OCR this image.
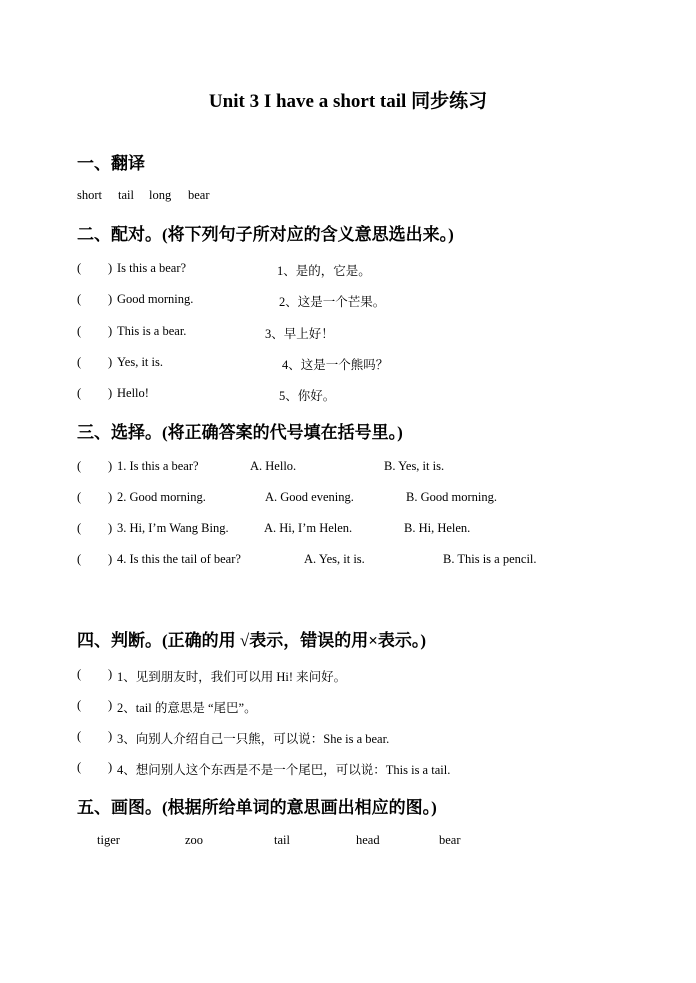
Unit 3 I have a short tail 同步练习
一、翻译
short tail long bear
二、配对。(将下列句子所对应的含义意思选出来。)
( ) Is this a bear?	1、是的，它是。
( ) Good morning.	2、这是一个芒果。
( ) This is a bear.	3、早上好！
( ) Yes, it is.	4、这是一个熊吗？
( ) Hello!	5、你好。
三、选择。(将正确答案的代号填在括号里。)
( ) 1. Is this a bear?	A. Hello.	B. Yes, it is.
( ) 2. Good morning.	A. Good evening.	B. Good morning.
( ) 3. Hi, I’m Wang Bing.	A. Hi, I’m Helen.	B. Hi, Helen.
( ) 4. Is this the tail of bear?	A. Yes, it is.	B. This is a pencil.
四、判断。(正确的用 √表示，错误的用×表示。)
( ) 1、见到朋友时，我们可以用 Hi! 来问好。
( ) 2、tail 的意思是 “尾巴”。
( ) 3、向别人介绍自己一只熊，可以说：She is a bear.
( ) 4、想问别人这个东西是不是一个尾巴，可以说：This is a tail.
五、画图。(根据所给单词的意思画出相应的图。)
tiger	zoo	tail	head	bear
